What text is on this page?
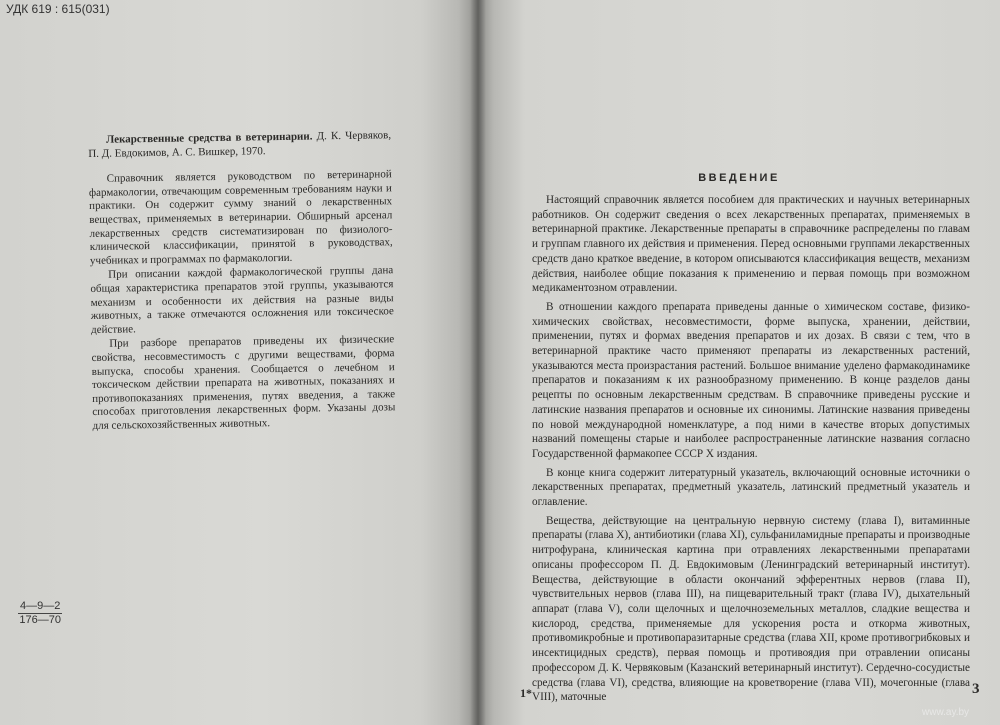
УДК 619 : 615(031)

Лекарственные средства в ветеринарии. Д. К. Червяков, П. Д. Евдокимов, А. С. Вишкер, 1970.

Справочник является руководством по ветеринарной фармакологии, отвечающим современным требованиям науки и практики. Он содержит сумму знаний о лекарственных веществах, применяемых в ветеринарии. Обширный арсенал лекарственных средств систематизирован по физиолого-клинической классификации, принятой в руководствах, учебниках и программах по фармакологии.

При описании каждой фармакологической группы дана общая характеристика препаратов этой группы, указываются механизм и особенности их действия на разные виды животных, а также отмечаются осложнения или токсическое действие.

При разборе препаратов приведены их физические свойства, несовместимость с другими веществами, форма выпуска, способы хранения. Сообщается о лечебном и токсическом действии препарата на животных, показаниях и противопоказаниях применения, путях введения, а также способах приготовления лекарственных форм. Указаны дозы для сельскохозяйственных животных.

4—9—2
176—70
ВВЕДЕНИЕ

Настоящий справочник является пособием для практических и научных ветеринарных работников. Он содержит сведения о всех лекарственных препаратах, применяемых в ветеринарной практике. Лекарственные препараты в справочнике распределены по главам и группам главного их действия и применения. Перед основными группами лекарственных средств дано краткое введение, в котором описываются классификация веществ, механизм действия, наиболее общие показания к применению и первая помощь при возможном медикаментозном отравлении.

В отношении каждого препарата приведены данные о химическом составе, физико-химических свойствах, несовместимости, форме выпуска, хранении, действии, применении, путях и формах введения препаратов и их дозах. В связи с тем, что в ветеринарной практике часто применяют препараты из лекарственных растений, указываются места произрастания растений. Большое внимание уделено фармакодинамике препаратов и показаниям к их разнообразному применению. В конце разделов даны рецепты по основным лекарственным средствам. В справочнике приведены русские и латинские названия препаратов и основные их синонимы. Латинские названия приведены по новой международной номенклатуре, а под ними в качестве вторых допустимых названий помещены старые и наиболее распространенные латинские названия согласно Государственной фармакопее СССР X издания.

В конце книга содержит литературный указатель, включающий основные источники о лекарственных препаратах, предметный указатель, латинский предметный указатель и оглавление.

Вещества, действующие на центральную нервную систему (глава I), витаминные препараты (глава X), антибиотики (глава XI), сульфаниламидные препараты и производные нитрофурана, клиническая картина при отравлениях лекарственными препаратами описаны профессором П. Д. Евдокимовым (Ленинградский ветеринарный институт). Вещества, действующие в области окончаний эфферентных нервов (глава II), чувствительных нервов (глава III), на пищеварительный тракт (глава IV), дыхательный аппарат (глава V), соли щелочных и щелочноземельных металлов, сладкие вещества и кислород, средства, применяемые для ускорения роста и откорма животных, противомикробные и противопаразитарные средства (глава XII, кроме противогрибковых и инсектицидных средств), первая помощь и противоядия при отравлении описаны профессором Д. К. Червяковым (Казанский ветеринарный институт). Сердечно-сосудистые средства (глава VI), средства, влияющие на кроветворение (глава VII), мочегонные (глава VIII), маточные

1*	3
www.ay.by
